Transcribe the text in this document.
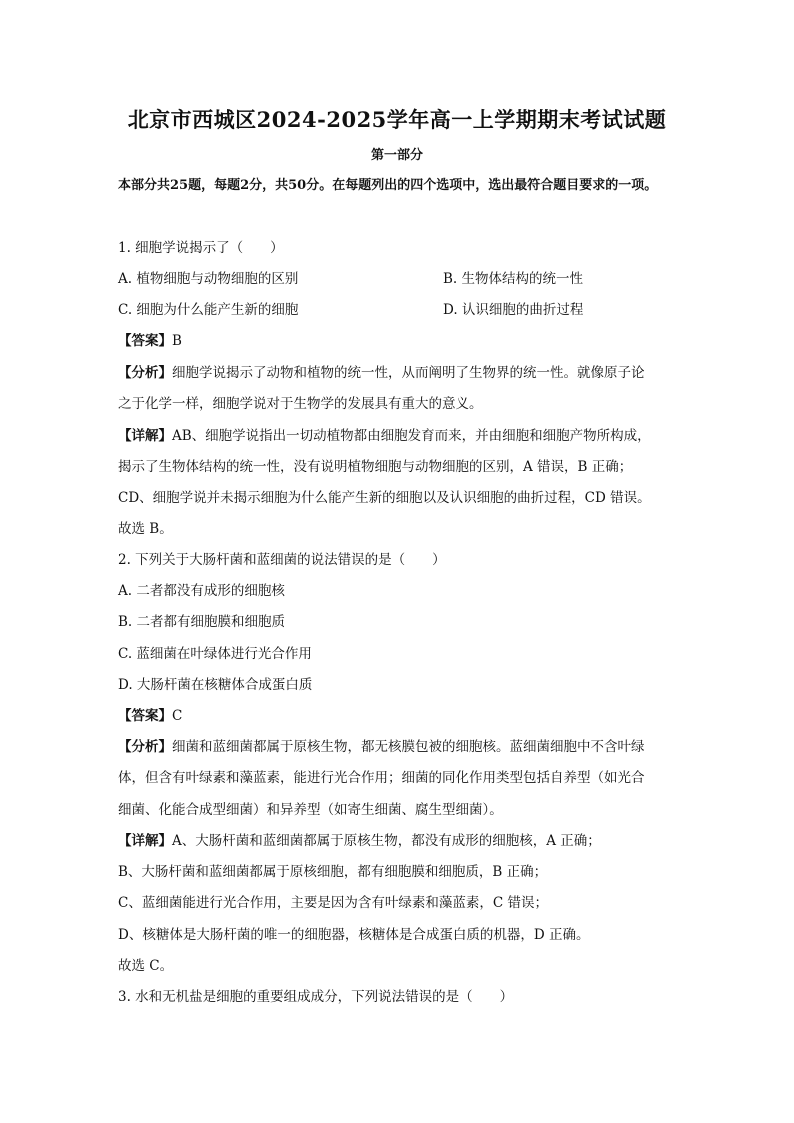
北京市西城区2024-2025学年高一上学期期末考试试题
第一部分
本部分共25题，每题2分，共50分。在每题列出的四个选项中，选出最符合题目要求的一项。
1. 细胞学说揭示了（　　）
A. 植物细胞与动物细胞的区别	B. 生物体结构的统一性
C. 细胞为什么能产生新的细胞	D. 认识细胞的曲折过程
【答案】B
【分析】细胞学说揭示了动物和植物的统一性，从而阐明了生物界的统一性。就像原子论
之于化学一样，细胞学说对于生物学的发展具有重大的意义。
【详解】AB、细胞学说指出一切动植物都由细胞发育而来，并由细胞和细胞产物所构成，
揭示了生物体结构的统一性，没有说明植物细胞与动物细胞的区别，A 错误，B 正确；
CD、细胞学说并未揭示细胞为什么能产生新的细胞以及认识细胞的曲折过程，CD 错误。
故选 B。
2. 下列关于大肠杆菌和蓝细菌的说法错误的是（　　）
A. 二者都没有成形的细胞核
B. 二者都有细胞膜和细胞质
C. 蓝细菌在叶绿体进行光合作用
D. 大肠杆菌在核糖体合成蛋白质
【答案】C
【分析】细菌和蓝细菌都属于原核生物，都无核膜包被的细胞核。蓝细菌细胞中不含叶绿
体，但含有叶绿素和藻蓝素，能进行光合作用；细菌的同化作用类型包括自养型（如光合
细菌、化能合成型细菌）和异养型（如寄生细菌、腐生型细菌）。
【详解】A、大肠杆菌和蓝细菌都属于原核生物，都没有成形的细胞核，A 正确；
B、大肠杆菌和蓝细菌都属于原核细胞，都有细胞膜和细胞质，B 正确；
C、蓝细菌能进行光合作用，主要是因为含有叶绿素和藻蓝素，C 错误；
D、核糖体是大肠杆菌的唯一的细胞器，核糖体是合成蛋白质的机器，D 正确。
故选 C。
3. 水和无机盐是细胞的重要组成成分，下列说法错误的是（　　）
